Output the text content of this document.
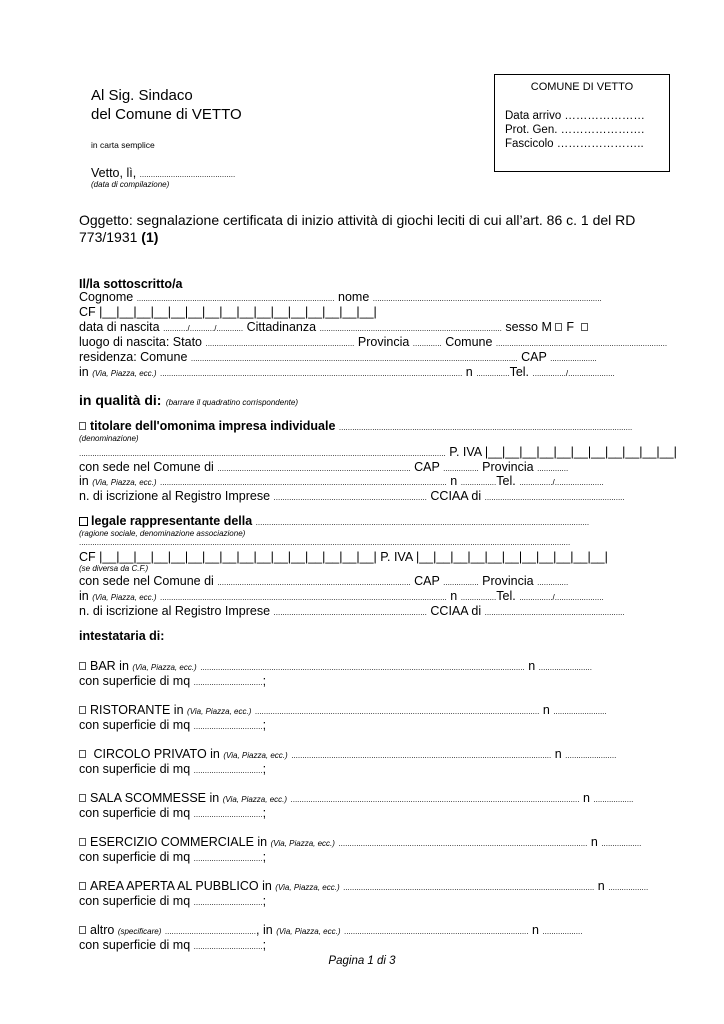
Al Sig. Sindaco
del Comune di VETTO
in carta semplice
Vetto, lì, ...........................................
(data di compilazione)
COMUNE DI VETTO
Data arrivo …………………
Prot. Gen. ………………….
Fascicolo …………………..
Oggetto: segnalazione certificata di inizio attività di giochi leciti di cui all’art. 86 c. 1 del RD
773/1931 (1)
Il/la sottoscritto/a
Cognome ......................................................................................... nome .......................................................................................................
CF |__|__|__|__|__|__|__|__|__|__|__|__|__|__|__|__|
data di nascita .........../.........../............ Cittadinanza .................................................................................. sesso M F
luogo di nascita: Stato ................................................................... Provincia ............. Comune .............................................................................
residenza: Comune ................................................................................................................................................... CAP .....................
in (Via, Piazza, ecc.) ........................................................................................................................................ n ...............Tel. .............../.....................
in qualità di: (barrare il quadratino corrispondente)
titolare dell'omonima impresa individuale ....................................................................................................................................
(denominazione)
..................................................................................................................................................................... P. IVA |__|__|__|__|__|__|__|__|__|__|__|
con sede nel Comune di ....................................................................................... CAP ................ Provincia ..............
in (Via, Piazza, ecc.) ................................................................................................................................. n ................Tel. .............../......................
n. di iscrizione al Registro Imprese ..................................................................... CCIAA di ...............................................................
legale rappresentante della ......................................................................................................................................................
(ragione sociale, denominazione associazione)
.............................................................................................................................................................................................................................
CF |__|__|__|__|__|__|__|__|__|__|__|__|__|__|__|__| P. IVA |__|__|__|__|__|__|__|__|__|__|__|
(se diversa da C.F.)
con sede nel Comune di ....................................................................................... CAP ................ Provincia ..............
in (Via, Piazza, ecc.) ................................................................................................................................. n ................Tel. .............../......................
n. di iscrizione al Registro Imprese ..................................................................... CCIAA di ...............................................................
intestataria di:
BAR in (Via, Piazza, ecc.) .................................................................................................................................................. n ........................
con superficie di mq ...............................;
RISTORANTE in (Via, Piazza, ecc.) ................................................................................................................................ n ........................
con superficie di mq ...............................;
CIRCOLO PRIVATO in (Via, Piazza, ecc.) ..................................................................................................................... n .......................
con superficie di mq ...............................;
SALA SCOMMESSE in (Via, Piazza, ecc.) .................................................................................................................................. n ..................
con superficie di mq ...............................;
ESERCIZIO COMMERCIALE in (Via, Piazza, ecc.) ................................................................................................................ n ..................
con superficie di mq ...............................;
AREA APERTA AL PUBBLICO in (Via, Piazza, ecc.) ................................................................................................................. n ..................
con superficie di mq ...............................;
altro (specificare) ........................................., in (Via, Piazza, ecc.) ................................................................................... n ..................
con superficie di mq ...............................;
Pagina 1 di 3
